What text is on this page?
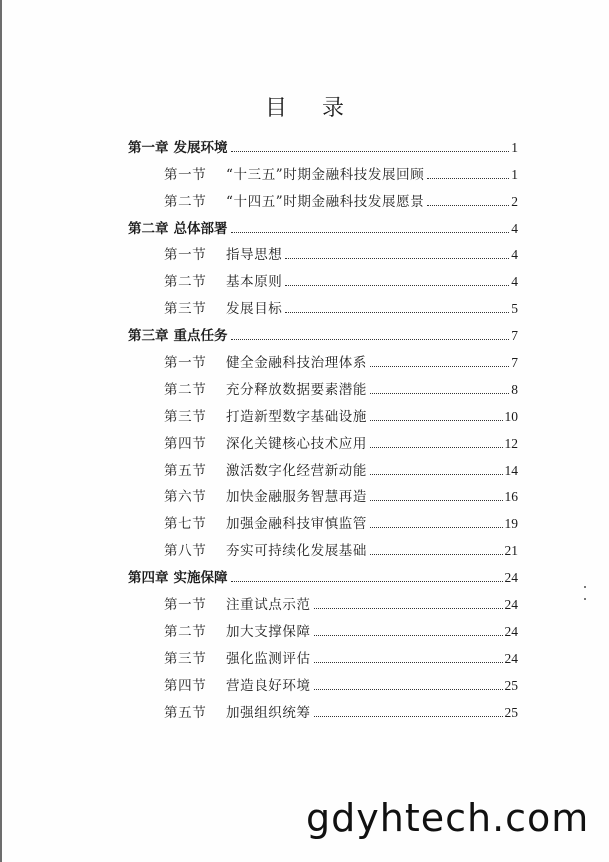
目 录
第一章 发展环境	1
第一节 “十三五”时期金融科技发展回顾	1
第二节 “十四五”时期金融科技发展愿景	2
第二章 总体部署	4
第一节 指导思想	4
第二节 基本原则	4
第三节 发展目标	5
第三章 重点任务	7
第一节 健全金融科技治理体系	7
第二节 充分释放数据要素潜能	8
第三节 打造新型数字基础设施	10
第四节 深化关键核心技术应用	12
第五节 激活数字化经营新动能	14
第六节 加快金融服务智慧再造	16
第七节 加强金融科技审慎监管	19
第八节 夯实可持续化发展基础	21
第四章 实施保障	24
第一节 注重试点示范	24
第二节 加大支撑保障	24
第三节 强化监测评估	24
第四节 营造良好环境	25
第五节 加强组织统筹	25
gdyhtech.com
